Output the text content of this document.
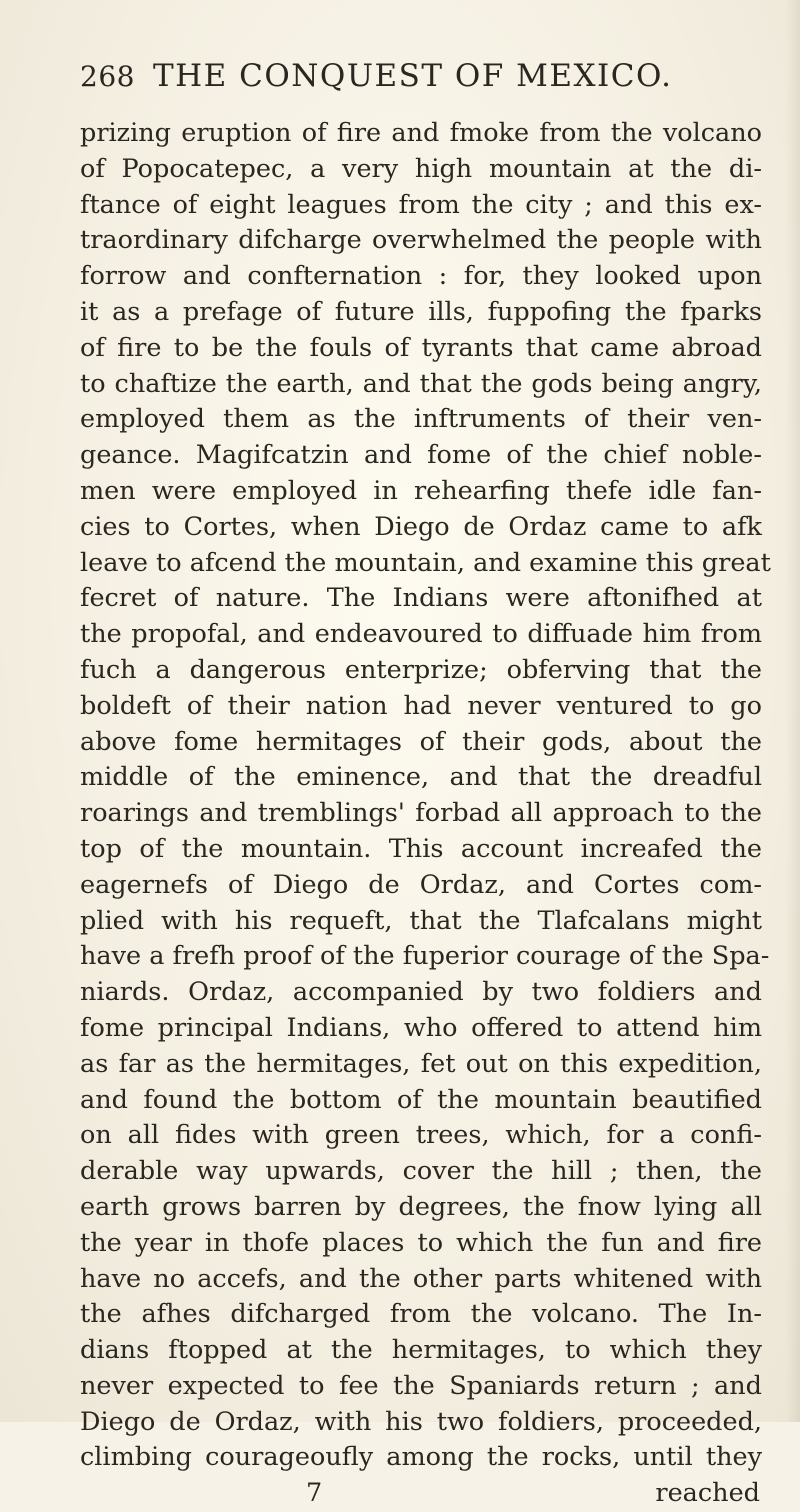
268 THE CONQUEST OF MEXICO.
prizing eruption of fire and fmoke from the volcano
of Popocatepec, a very high mountain at the di-
ftance of eight leagues from the city ; and this ex-
traordinary difcharge overwhelmed the people with
forrow and confternation : for, they looked upon
it as a prefage of future ills, fuppofing the fparks
of fire to be the fouls of tyrants that came abroad
to chaftize the earth, and that the gods being angry,
employed them as the inftruments of their ven-
geance. Magifcatzin and fome of the chief noble-
men were employed in rehearfing thefe idle fan-
cies to Cortes, when Diego de Ordaz came to afk
leave to afcend the mountain, and examine this great
fecret of nature. The Indians were aftonifhed at
the propofal, and endeavoured to diffuade him from
fuch a dangerous enterprize; obferving that the
boldeft of their nation had never ventured to go
above fome hermitages of their gods, about the
middle of the eminence, and that the dreadful
roarings and tremblings' forbad all approach to the
top of the mountain. This account increafed the
eagernefs of Diego de Ordaz, and Cortes com-
plied with his requeft, that the Tlafcalans might
have a frefh proof of the fuperior courage of the Spa-
niards. Ordaz, accompanied by two foldiers and
fome principal Indians, who offered to attend him
as far as the hermitages, fet out on this expedition,
and found the bottom of the mountain beautified
on all fides with green trees, which, for a confi-
derable way upwards, cover the hill ; then, the
earth grows barren by degrees, the fnow lying all
the year in thofe places to which the fun and fire
have no accefs, and the other parts whitened with
the afhes difcharged from the volcano. The In-
dians ftopped at the hermitages, to which they
never expected to fee the Spaniards return ; and
Diego de Ordaz, with his two foldiers, proceeded,
climbing courageoufly among the rocks, until they
7	reached
